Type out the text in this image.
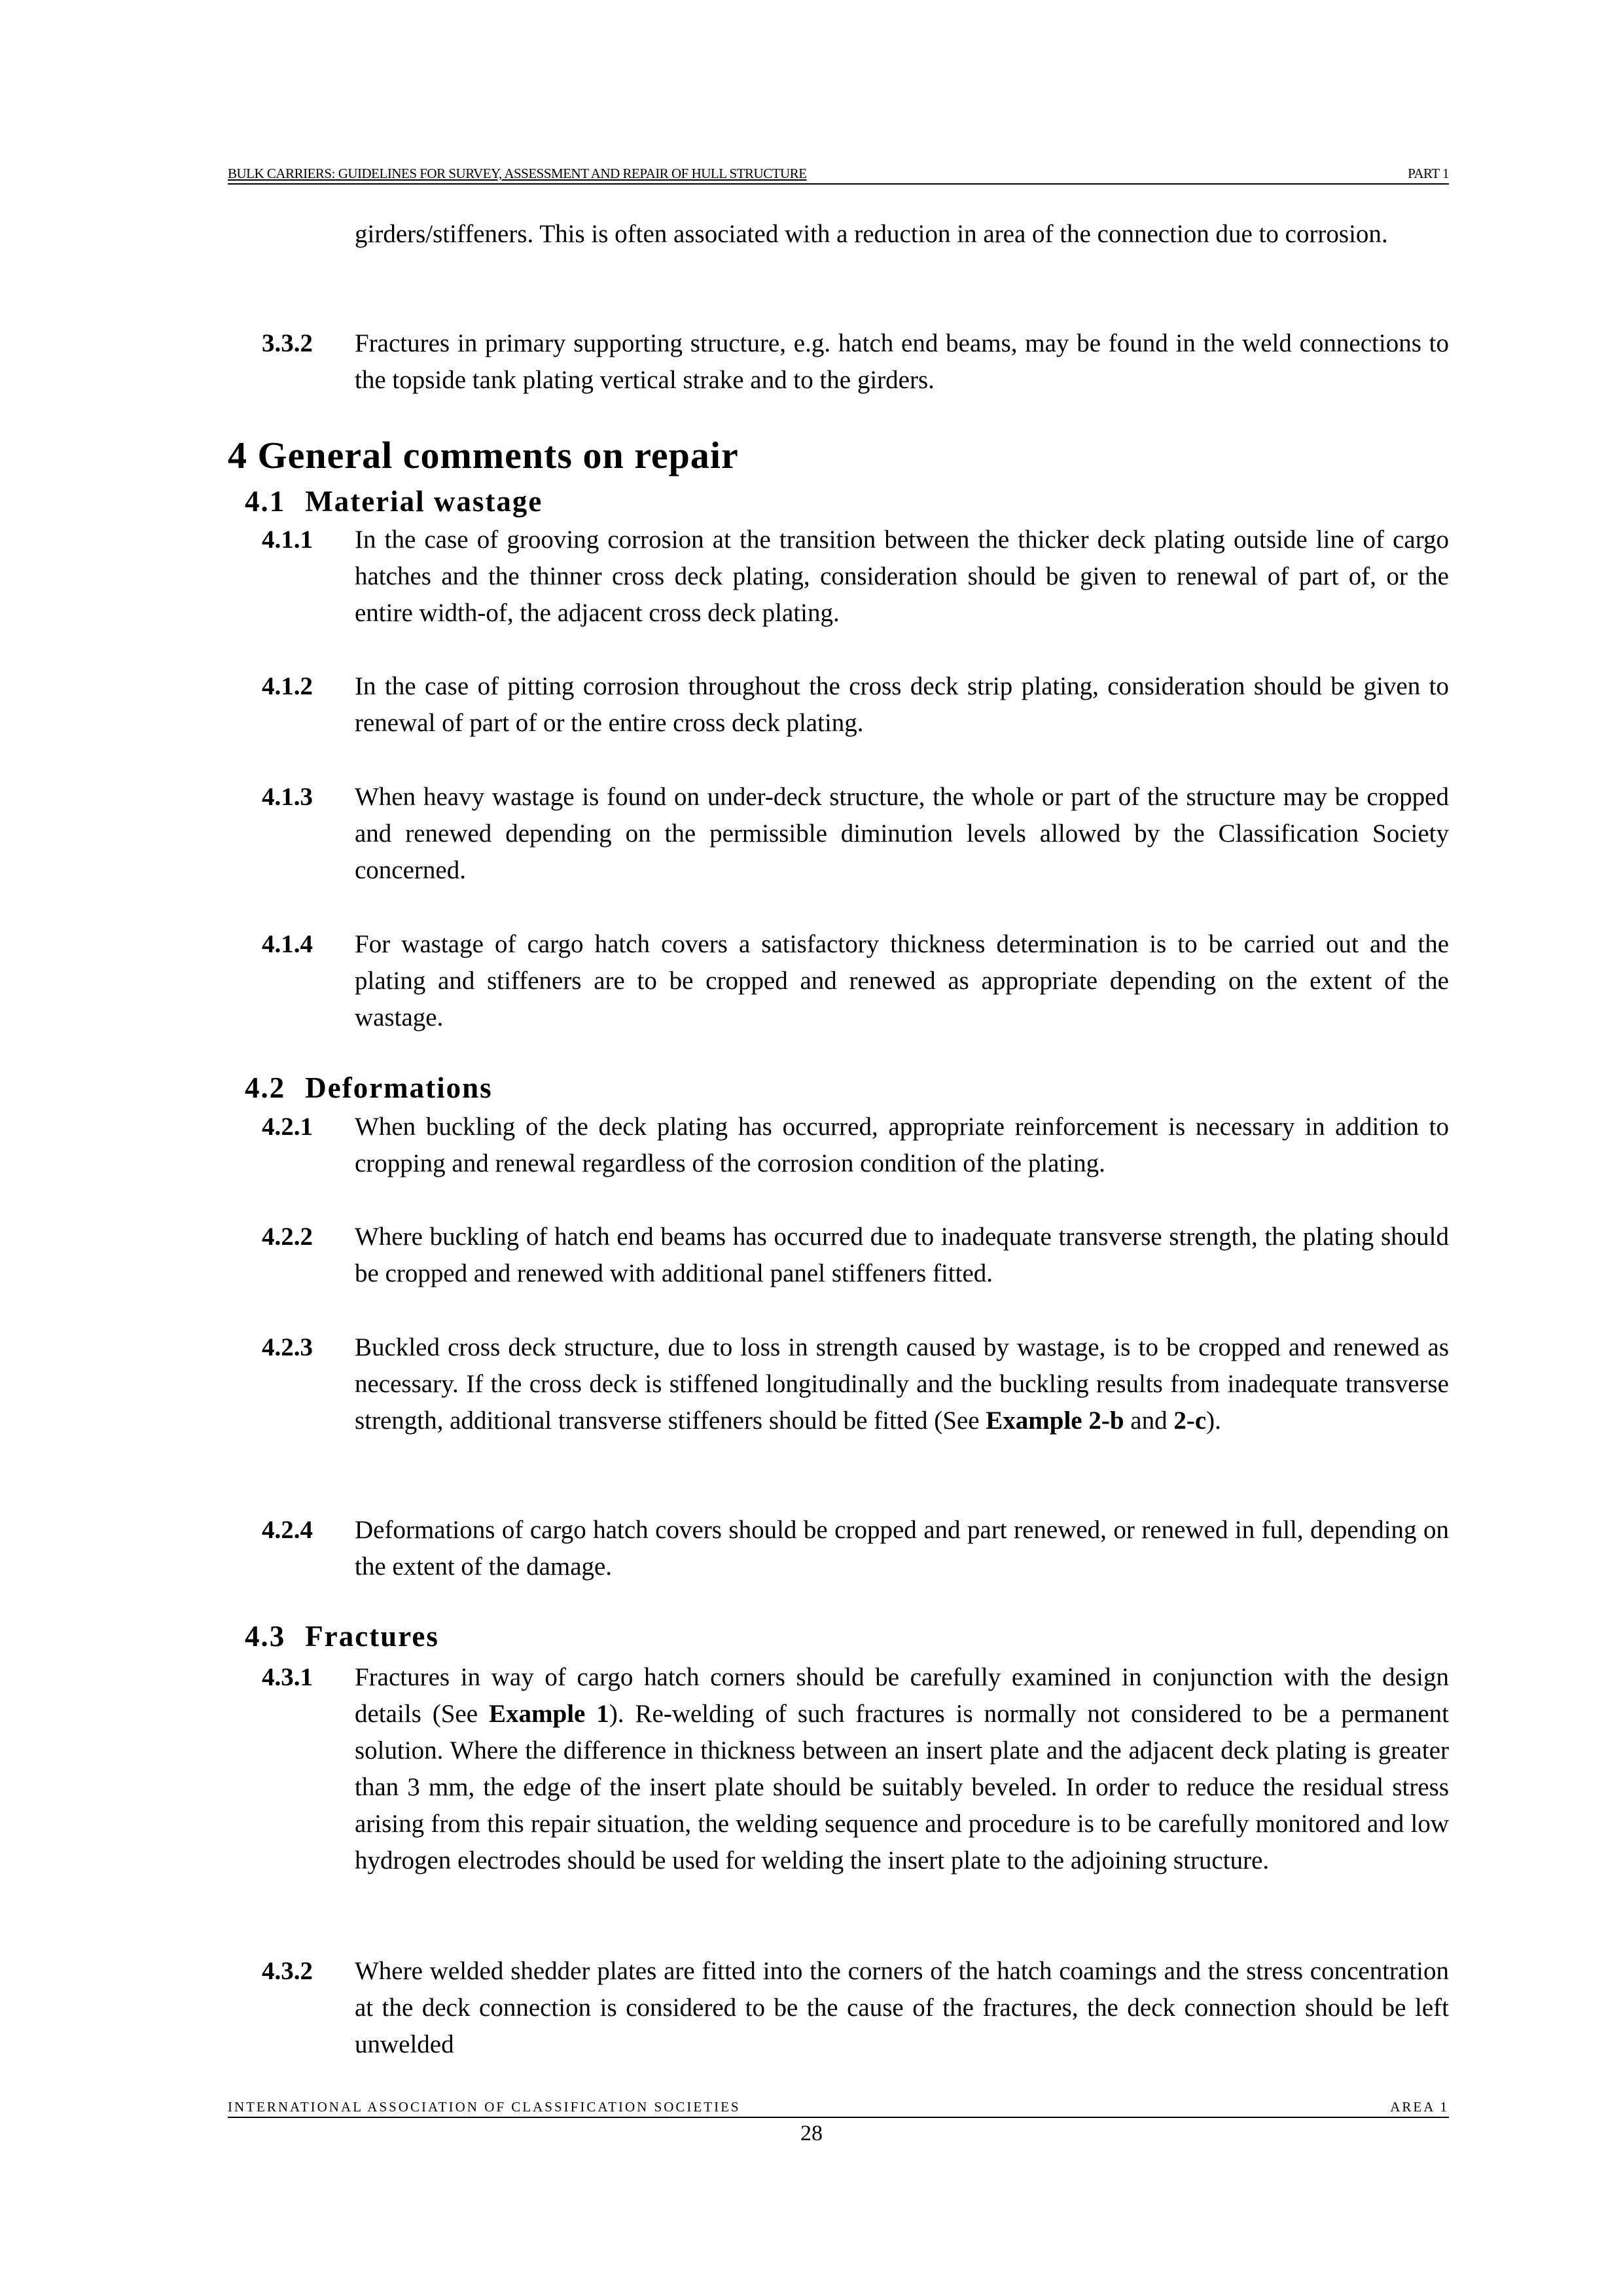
BULK CARRIERS: GUIDELINES FOR SURVEY, ASSESSMENT AND REPAIR OF HULL STRUCTURE	PART 1
girders/stiffeners. This is often associated with a reduction in area of the connection due to corrosion.
3.3.2 Fractures in primary supporting structure, e.g. hatch end beams, may be found in the weld connections to the topside tank plating vertical strake and to the girders.
4 General comments on repair
4.1 Material wastage
4.1.1 In the case of grooving corrosion at the transition between the thicker deck plating outside line of cargo hatches and the thinner cross deck plating, consideration should be given to renewal of part of, or the entire width-of, the adjacent cross deck plating.
4.1.2 In the case of pitting corrosion throughout the cross deck strip plating, consideration should be given to renewal of part of or the entire cross deck plating.
4.1.3 When heavy wastage is found on under-deck structure, the whole or part of the structure may be cropped and renewed depending on the permissible diminution levels allowed by the Classification Society concerned.
4.1.4 For wastage of cargo hatch covers a satisfactory thickness determination is to be carried out and the plating and stiffeners are to be cropped and renewed as appropriate depending on the extent of the wastage.
4.2 Deformations
4.2.1 When buckling of the deck plating has occurred, appropriate reinforcement is necessary in addition to cropping and renewal regardless of the corrosion condition of the plating.
4.2.2 Where buckling of hatch end beams has occurred due to inadequate transverse strength, the plating should be cropped and renewed with additional panel stiffeners fitted.
4.2.3 Buckled cross deck structure, due to loss in strength caused by wastage, is to be cropped and renewed as necessary. If the cross deck is stiffened longitudinally and the buckling results from inadequate transverse strength, additional transverse stiffeners should be fitted (See Example 2-b and 2-c).
4.2.4 Deformations of cargo hatch covers should be cropped and part renewed, or renewed in full, depending on the extent of the damage.
4.3 Fractures
4.3.1 Fractures in way of cargo hatch corners should be carefully examined in conjunction with the design details (See Example 1). Re-welding of such fractures is normally not considered to be a permanent solution. Where the difference in thickness between an insert plate and the adjacent deck plating is greater than 3 mm, the edge of the insert plate should be suitably beveled. In order to reduce the residual stress arising from this repair situation, the welding sequence and procedure is to be carefully monitored and low hydrogen electrodes should be used for welding the insert plate to the adjoining structure.
4.3.2 Where welded shedder plates are fitted into the corners of the hatch coamings and the stress concentration at the deck connection is considered to be the cause of the fractures, the deck connection should be left unwelded
INTERNATIONAL ASSOCIATION OF CLASSIFICATION SOCIETIES	AREA 1
28
